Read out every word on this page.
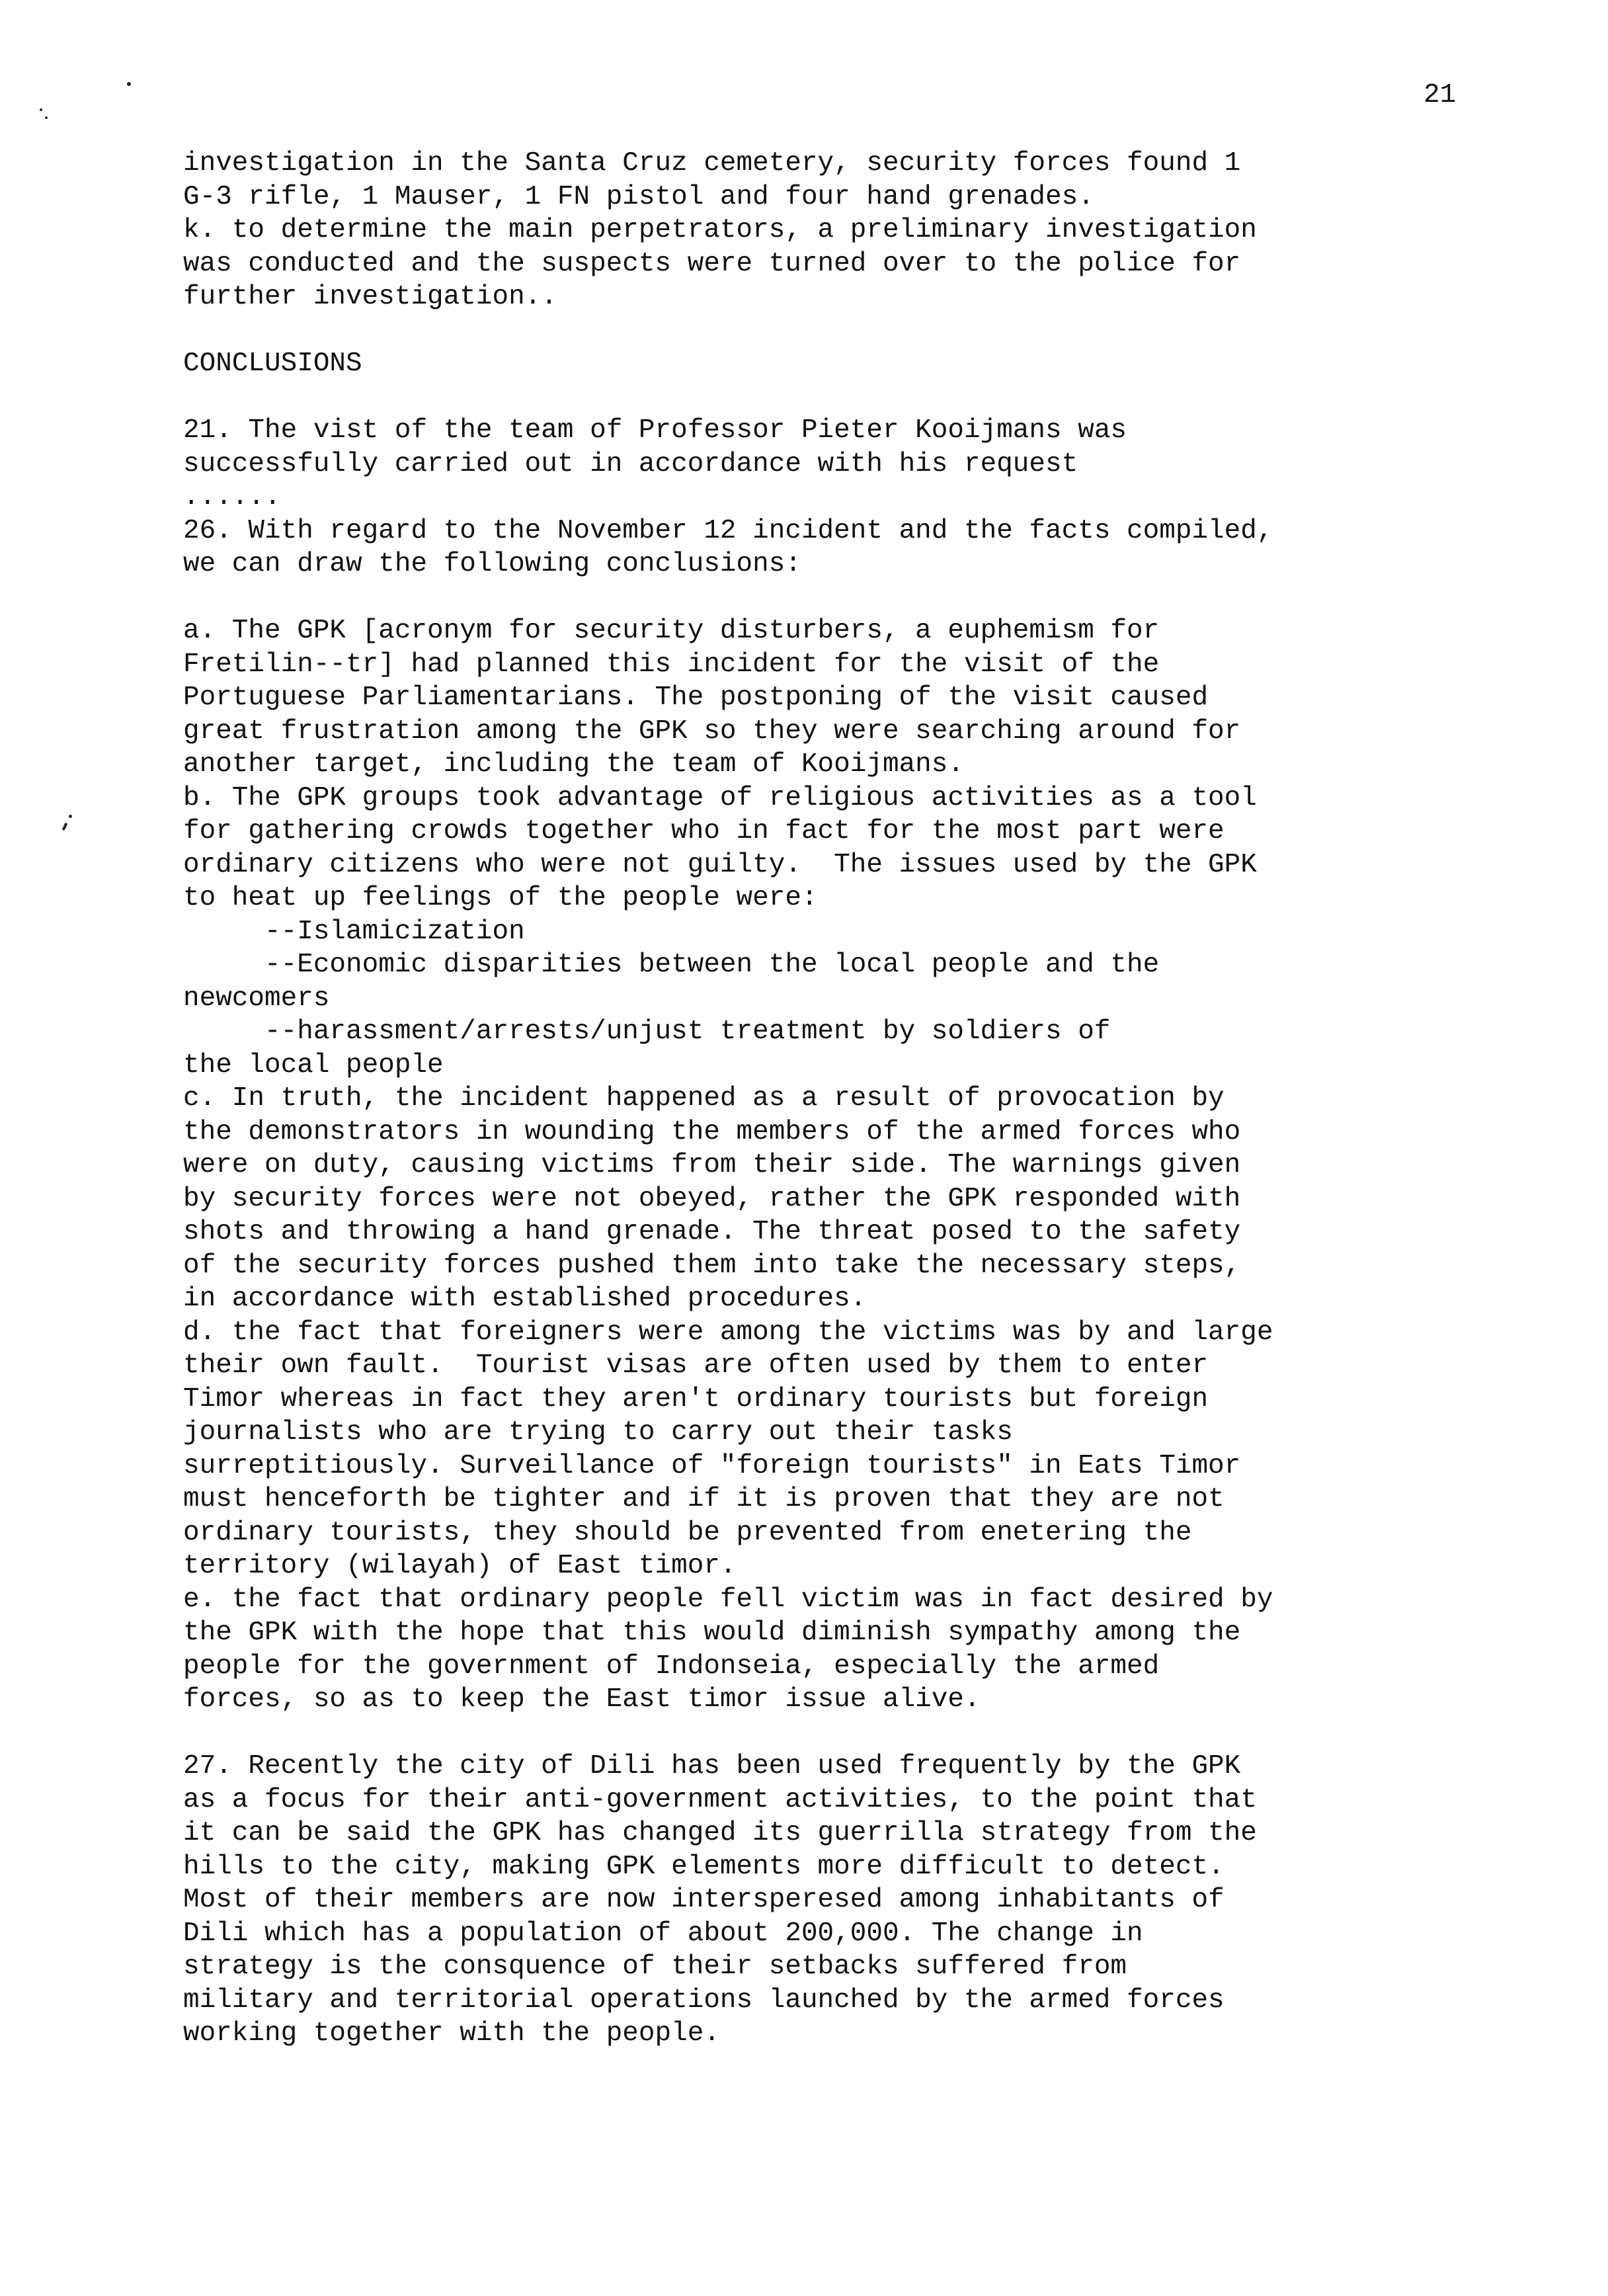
21
investigation in the Santa Cruz cemetery, security forces found 1
G-3 rifle, 1 Mauser, 1 FN pistol and four hand grenades.
k. to determine the main perpetrators, a preliminary investigation
was conducted and the suspects were turned over to the police for
further investigation..
CONCLUSIONS
21. The vist of the team of Professor Pieter Kooijmans was
successfully carried out in accordance with his request
......
26. With regard to the November 12 incident and the facts compiled,
we can draw the following conclusions:
a. The GPK [acronym for security disturbers, a euphemism for
Fretilin--tr] had planned this incident for the visit of the
Portuguese Parliamentarians. The postponing of the visit caused
great frustration among the GPK so they were searching around for
another target, including the team of Kooijmans.
b. The GPK groups took advantage of religious activities as a tool
for gathering crowds together who in fact for the most part were
ordinary citizens who were not guilty.  The issues used by the GPK
to heat up feelings of the people were:
--Islamicization
--Economic disparities between the local people and the
newcomers
--harassment/arrests/unjust treatment by soldiers of
the local people
c. In truth, the incident happened as a result of provocation by
the demonstrators in wounding the members of the armed forces who
were on duty, causing victims from their side. The warnings given
by security forces were not obeyed, rather the GPK responded with
shots and throwing a hand grenade. The threat posed to the safety
of the security forces pushed them into take the necessary steps,
in accordance with established procedures.
d. the fact that foreigners were among the victims was by and large
their own fault.  Tourist visas are often used by them to enter
Timor whereas in fact they aren't ordinary tourists but foreign
journalists who are trying to carry out their tasks
surreptitiously. Surveillance of "foreign tourists" in Eats Timor
must henceforth be tighter and if it is proven that they are not
ordinary tourists, they should be prevented from enetering the
territory (wilayah) of East timor.
e. the fact that ordinary people fell victim was in fact desired by
the GPK with the hope that this would diminish sympathy among the
people for the government of Indonseia, especially the armed
forces, so as to keep the East timor issue alive.
27. Recently the city of Dili has been used frequently by the GPK
as a focus for their anti-government activities, to the point that
it can be said the GPK has changed its guerrilla strategy from the
hills to the city, making GPK elements more difficult to detect.
Most of their members are now intersperesed among inhabitants of
Dili which has a population of about 200,000. The change in
strategy is the consquence of their setbacks suffered from
military and territorial operations launched by the armed forces
working together with the people.
